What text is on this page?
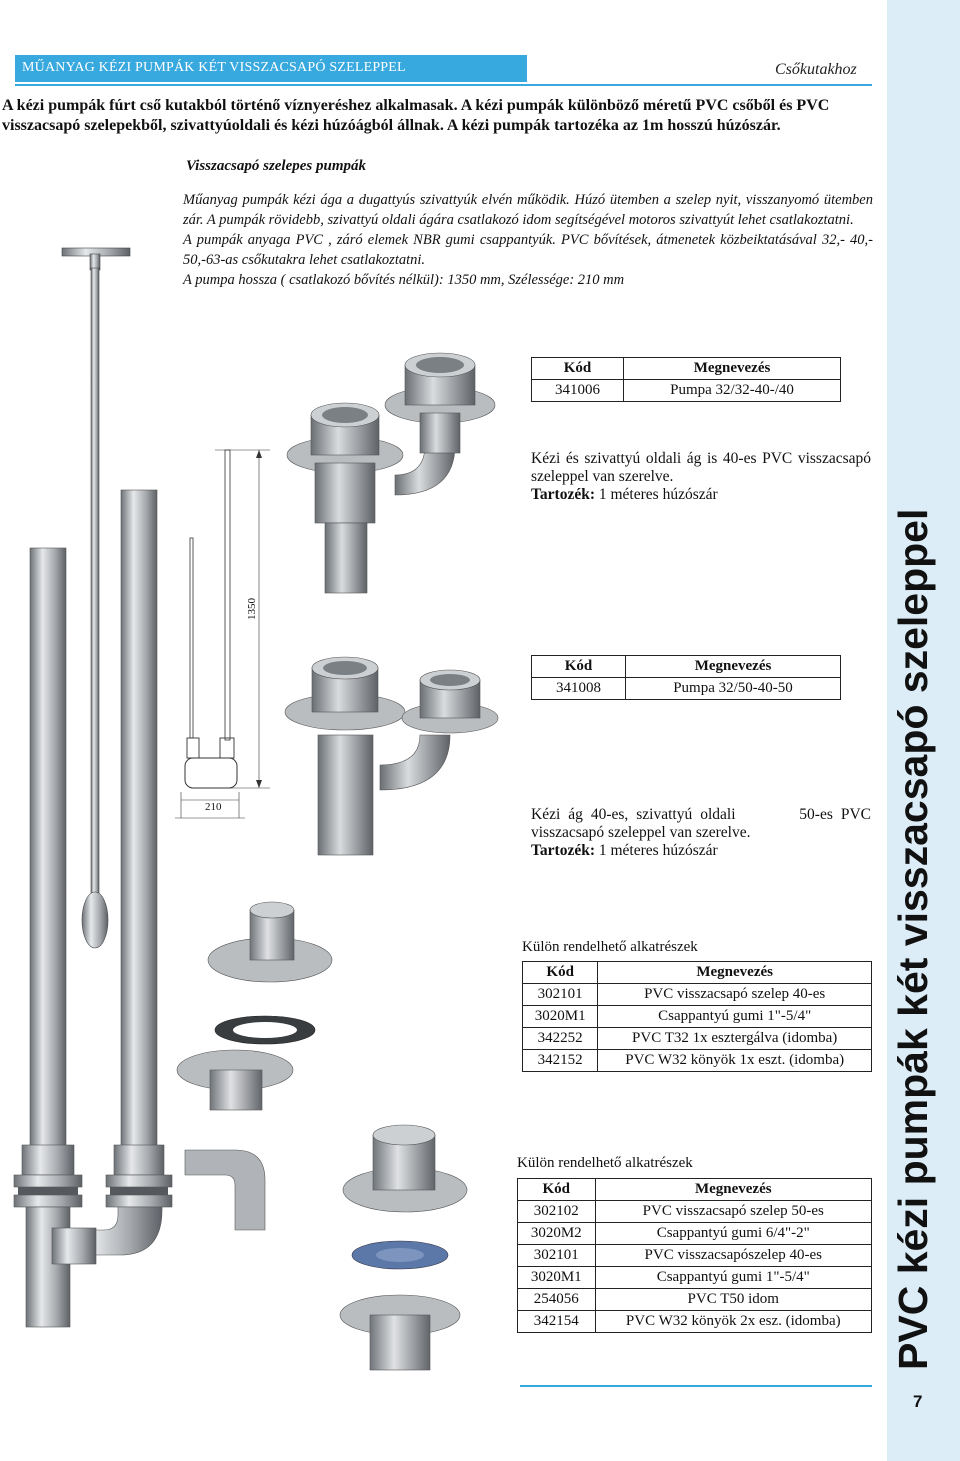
MŰANYAG KÉZI PUMPÁK KÉT VISSZACSAPÓ SZELEPPEL	Csőkutakhoz
A kézi pumpák fúrt cső kutakból történő víznyeréshez alkalmasak. A kézi pumpák különböző méretű PVC csőből és PVC visszacsapó szelepekből, szivattyúoldali és kézi húzóágból állnak. A kézi pumpák tartozéka az 1m hosszú húzószár.
Visszacsapó szelepes pumpák

Műanyag pumpák kézi ága a dugattyús szivattyúk elvén működik. Húzó ütemben a szelep nyit, visszanyomó ütemben zár. A pumpák rövidebb, szivattyú oldali ágára csatlakozó idom segítségével motoros szivattyút lehet csatlakoztatni.

A pumpák anyaga PVC , záró elemek NBR gumi csappantyúk. PVC bővítések, átmenetek közbeiktatásával 32,- 40,- 50,-63-as csőkutakra lehet csatlakoztatni.

A pumpa hossza ( csatlakozó bővítés nélkül): 1350 mm, Szélessége: 210 mm

7
1350
210
Kód	Megnevezés
341006	Pumpa 32/32-40-/40
Kézi és szivattyú oldali ág is 40-es PVC visszacsapó szeleppel van szerelve.
Tartozék: 1 méteres húzószár
Kód	Megnevezés
341008	Pumpa 32/50-40-50
Kézi ág 40-es, szivattyú oldali        50-es PVC visszacsapó szeleppel van szerelve.
Tartozék: 1 méteres húzószár
Külön rendelhető alkatrészek
Kód	Megnevezés
302101	PVC visszacsapó szelep 40-es
3020M1	Csappantyú gumi 1"-5/4"
342252	PVC T32 1x esztergálva (idomba)
342152	PVC W32 könyök 1x eszt. (idomba)
Külön rendelhető alkatrészek
Kód	Megnevezés
302102	PVC visszacsapó szelep 50-es
3020M2	Csappantyú gumi 6/4"-2"
302101	PVC visszacsapószelep 40-es
3020M1	Csappantyú gumi 1"-5/4"
254056	PVC T50 idom
342154	PVC W32 könyök 2x esz. (idomba)
